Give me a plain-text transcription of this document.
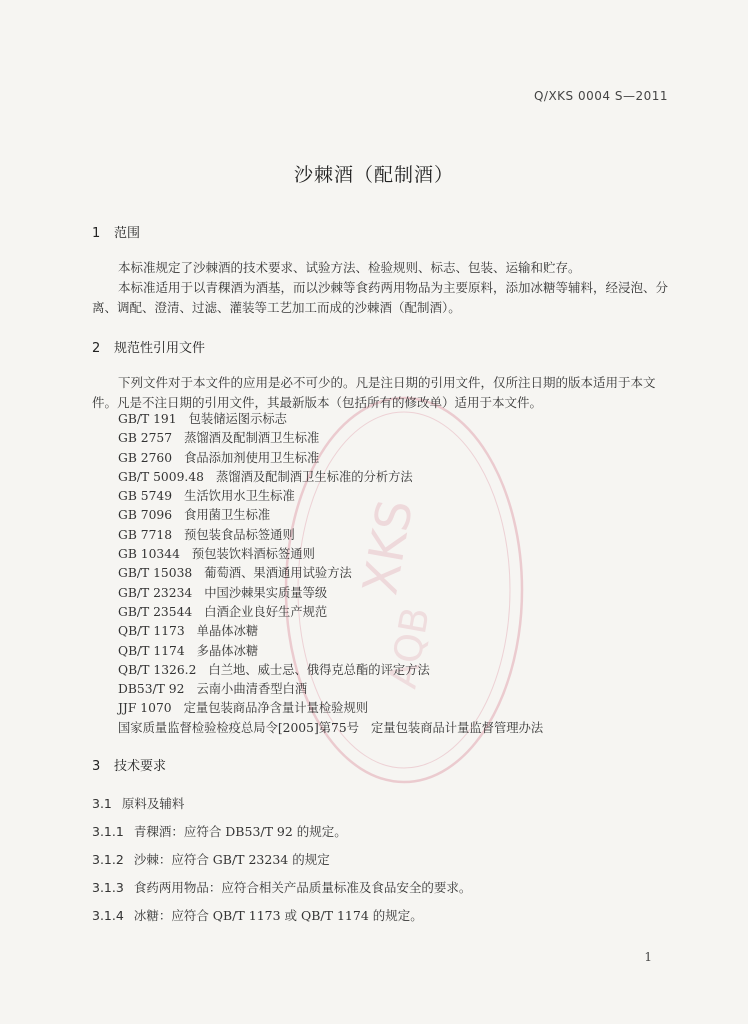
XKS
AQB
Q/XKS 0004 S—2011
沙棘酒（配制酒）
1 范围
本标准规定了沙棘酒的技术要求、试验方法、检验规则、标志、包装、运输和贮存。
本标准适用于以青稞酒为酒基，而以沙棘等食药两用物品为主要原料，添加冰糖等辅料，经浸泡、分离、调配、澄清、过滤、灌装等工艺加工而成的沙棘酒（配制酒）。
2 规范性引用文件
下列文件对于本文件的应用是必不可少的。凡是注日期的引用文件，仅所注日期的版本适用于本文件。凡是不注日期的引用文件，其最新版本（包括所有的修改单）适用于本文件。
GB/T 191 包装储运图示标志
GB 2757 蒸馏酒及配制酒卫生标准
GB 2760 食品添加剂使用卫生标准
GB/T 5009.48 蒸馏酒及配制酒卫生标准的分析方法
GB 5749 生活饮用水卫生标准
GB 7096 食用菌卫生标准
GB 7718 预包装食品标签通则
GB 10344 预包装饮料酒标签通则
GB/T 15038 葡萄酒、果酒通用试验方法
GB/T 23234 中国沙棘果实质量等级
GB/T 23544 白酒企业良好生产规范
QB/T 1173 单晶体冰糖
QB/T 1174 多晶体冰糖
QB/T 1326.2 白兰地、威士忌、俄得克总酯的评定方法
DB53/T 92 云南小曲清香型白酒
JJF 1070 定量包装商品净含量计量检验规则
国家质量监督检验检疫总局令[2005]第75号 定量包装商品计量监督管理办法
3 技术要求
3.1 原料及辅料
3.1.1 青稞酒：应符合 DB53/T 92 的规定。
3.1.2 沙棘：应符合 GB/T 23234 的规定
3.1.3 食药两用物品：应符合相关产品质量标准及食品安全的要求。
3.1.4 冰糖：应符合 QB/T 1173 或 QB/T 1174 的规定。
1
